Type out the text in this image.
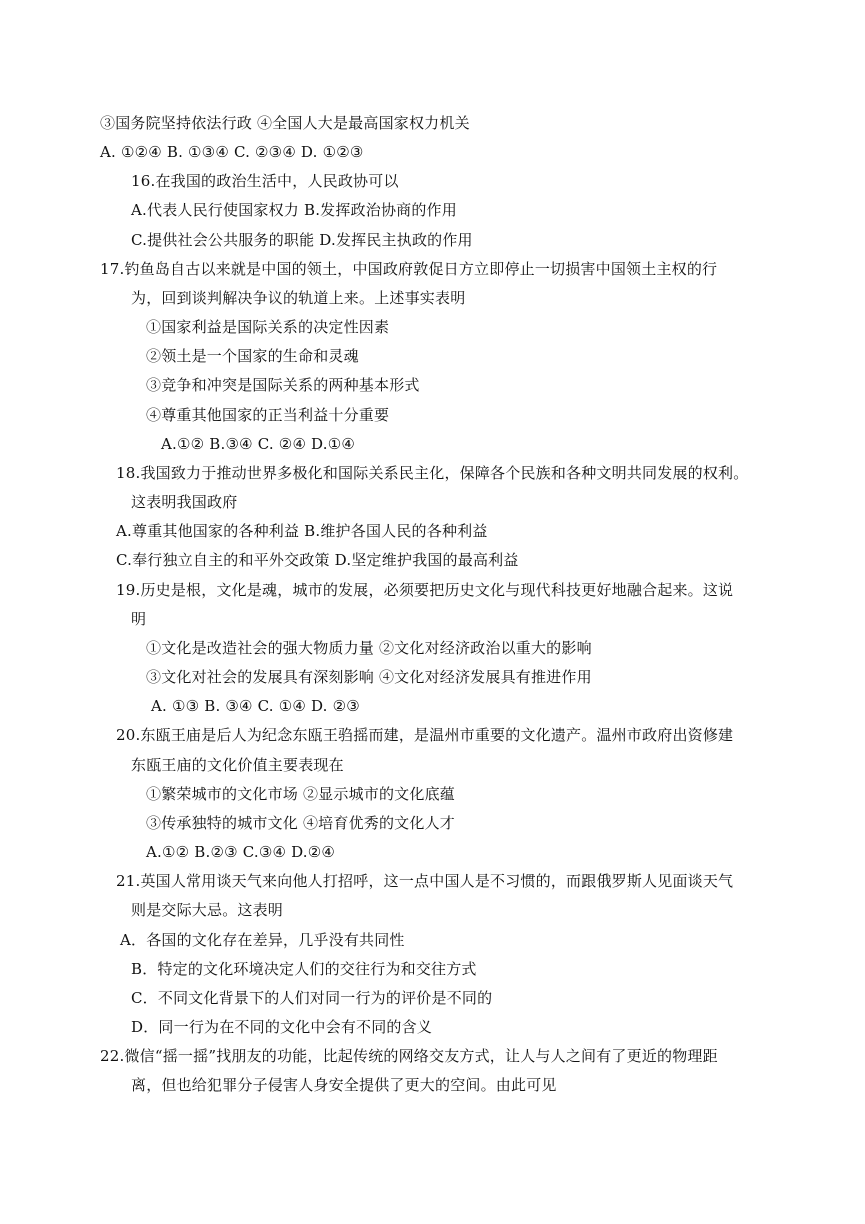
③国务院坚持依法行政 ④全国人大是最高国家权力机关
A. ①②④ B. ①③④ C. ②③④ D. ①②③
16.在我国的政治生活中，人民政协可以
A.代表人民行使国家权力 B.发挥政治协商的作用
C.提供社会公共服务的职能 D.发挥民主执政的作用
17.钓鱼岛自古以来就是中国的领土，中国政府敦促日方立即停止一切损害中国领土主权的行
为，回到谈判解决争议的轨道上来。上述事实表明
①国家利益是国际关系的决定性因素
②领土是一个国家的生命和灵魂
③竞争和冲突是国际关系的两种基本形式
④尊重其他国家的正当利益十分重要
A.①② B.③④ C. ②④ D.①④
18.我国致力于推动世界多极化和国际关系民主化，保障各个民族和各种文明共同发展的权利。
这表明我国政府
A.尊重其他国家的各种利益 B.维护各国人民的各种利益
C.奉行独立自主的和平外交政策 D.坚定维护我国的最高利益
19.历史是根，文化是魂，城市的发展，必须要把历史文化与现代科技更好地融合起来。这说
明
①文化是改造社会的强大物质力量 ②文化对经济政治以重大的影响
③文化对社会的发展具有深刻影响 ④文化对经济发展具有推进作用
A. ①③ B. ③④ C. ①④ D. ②③
20.东瓯王庙是后人为纪念东瓯王驺摇而建，是温州市重要的文化遗产。温州市政府出资修建
东瓯王庙的文化价值主要表现在
①繁荣城市的文化市场 ②显示城市的文化底蕴
③传承独特的城市文化 ④培育优秀的文化人才
A.①② B.②③ C.③④ D.②④
21.英国人常用谈天气来向他人打招呼，这一点中国人是不习惯的，而跟俄罗斯人见面谈天气
则是交际大忌。这表明
A．各国的文化存在差异，几乎没有共同性
B．特定的文化环境决定人们的交往行为和交往方式
C．不同文化背景下的人们对同一行为的评价是不同的
D．同一行为在不同的文化中会有不同的含义
22.微信“摇一摇”找朋友的功能，比起传统的网络交友方式，让人与人之间有了更近的物理距
离，但也给犯罪分子侵害人身安全提供了更大的空间。由此可见
